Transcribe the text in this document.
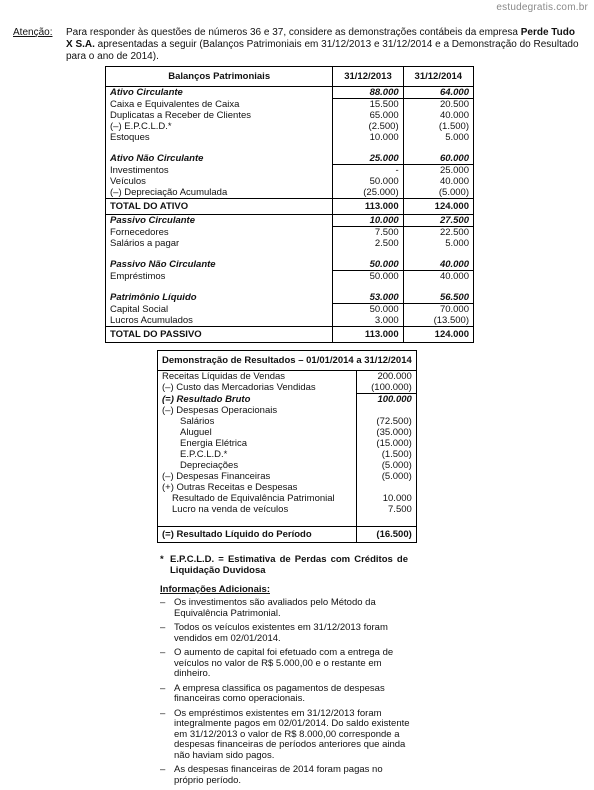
estudegratis.com.br
Atenção: Para responder às questões de números 36 e 37, considere as demonstrações contábeis da empresa Perde Tudo X S.A. apresentadas a seguir (Balanços Patrimoniais em 31/12/2013 e 31/12/2014 e a Demonstração do Resultado para o ano de 2014).
Balanços Patrimoniais	31/12/2013	31/12/2014
Ativo Circulante	88.000	64.000
Caixa e Equivalentes de Caixa	15.500	20.500
Duplicatas a Receber de Clientes	65.000	40.000
(–) E.P.C.L.D.*	(2.500)	(1.500)
Estoques	10.000	5.000

Ativo Não Circulante	25.000	60.000
Investimentos	-	25.000
Veículos	50.000	40.000
(–) Depreciação Acumulada	(25.000)	(5.000)
TOTAL DO ATIVO	113.000	124.000
Passivo Circulante	10.000	27.500
Fornecedores	7.500	22.500
Salários a pagar	2.500	5.000

Passivo Não Circulante	50.000	40.000
Empréstimos	50.000	40.000

Patrimônio Líquido	53.000	56.500
Capital Social	50.000	70.000
Lucros Acumulados	3.000	(13.500)
TOTAL DO PASSIVO	113.000	124.000
Demonstração de Resultados – 01/01/2014 a 31/12/2014	
Receitas Líquidas de Vendas	200.000
(–) Custo das Mercadorias Vendidas	(100.000)
(=) Resultado Bruto	100.000
(–) Despesas Operacionais	
Salários	(72.500)
Aluguel	(35.000)
Energia Elétrica	(15.000)
E.P.C.L.D.*	(1.500)
Depreciações	(5.000)
(–) Despesas Financeiras	(5.000)
(+) Outras Receitas e Despesas	
Resultado de Equivalência Patrimonial	10.000
Lucro na venda de veículos	7.500

(=) Resultado Líquido do Período	(16.500)
* E.P.C.L.D. = Estimativa de Perdas com Créditos de Liquidação Duvidosa
Informações Adicionais:
– Os investimentos são avaliados pelo Método da Equivalência Patrimonial.
– Todos os veículos existentes em 31/12/2013 foram vendidos em 02/01/2014.
– O aumento de capital foi efetuado com a entrega de veículos no valor de R$ 5.000,00 e o restante em dinheiro.
– A empresa classifica os pagamentos de despesas financeiras como operacionais.
– Os empréstimos existentes em 31/12/2013 foram integralmente pagos em 02/01/2014. Do saldo existente em 31/12/2013 o valor de R$ 8.000,00 corresponde a despesas financeiras de períodos anteriores que ainda não haviam sido pagos.
– As despesas financeiras de 2014 foram pagas no próprio período.
